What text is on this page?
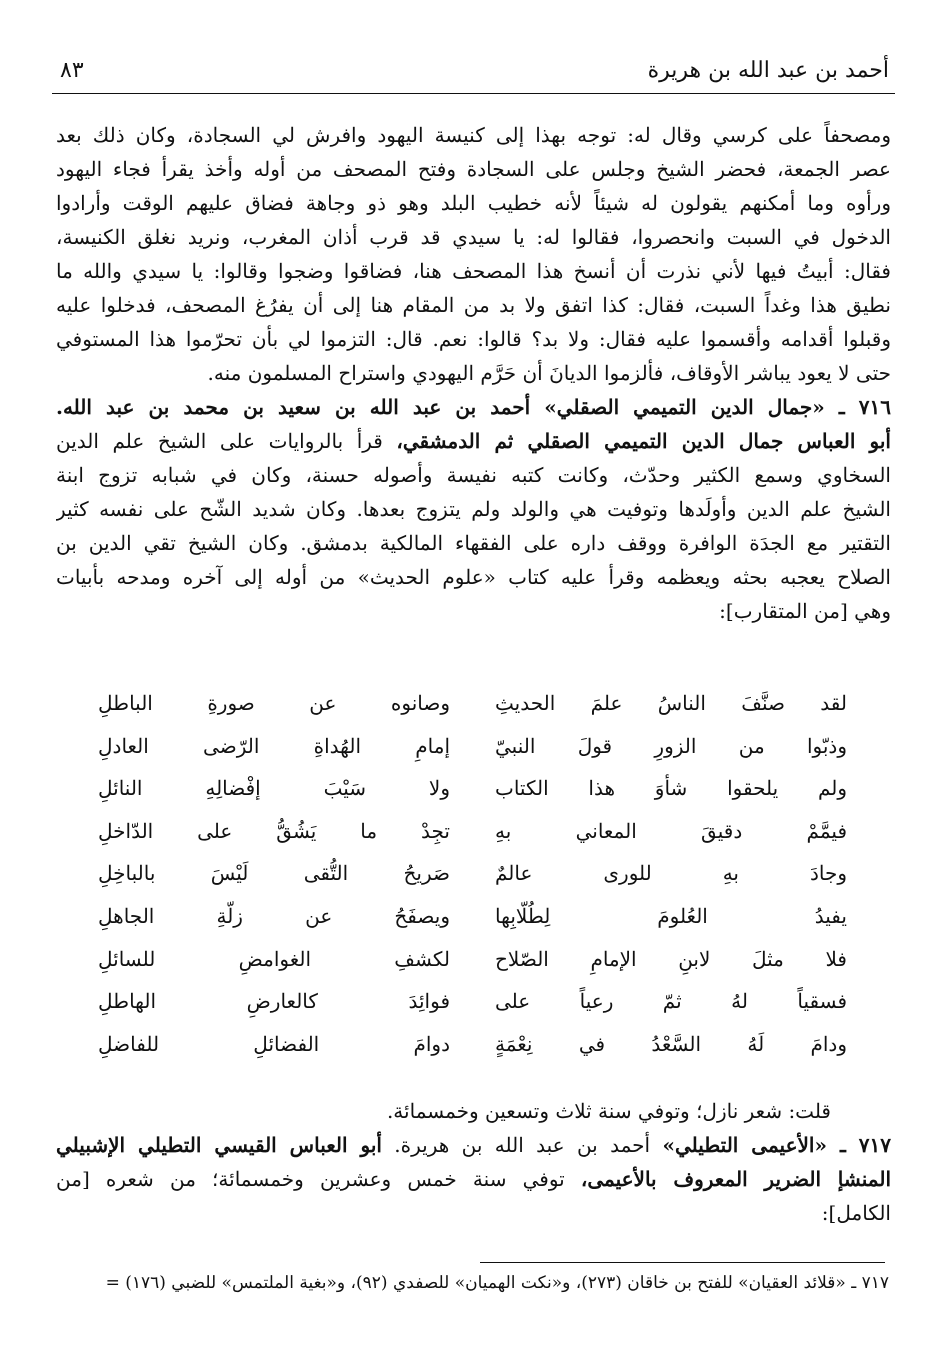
أحمد بن عبد الله بن هريرة
٨٣
ومصحفاً على كرسي وقال له: توجه بهذا إلى كنيسة اليهود وافرش لي السجادة، وكان ذلك بعد
عصر الجمعة، فحضر الشيخ وجلس على السجادة وفتح المصحف من أوله وأخذ يقرأ فجاء اليهود
ورأوه وما أمكنهم يقولون له شيئاً لأنه خطيب البلد وهو ذو وجاهة فضاق عليهم الوقت وأرادوا
الدخول في السبت وانحصروا، فقالوا له: يا سيدي قد قرب أذان المغرب، ونريد نغلق الكنيسة،
فقال: أبيتُ فيها لأني نذرت أن أنسخ هذا المصحف هنا، فضاقوا وضجوا وقالوا: يا سيدي والله ما
نطيق هذا وغداً السبت، فقال: كذا اتفق ولا بد من المقام هنا إلى أن يفرُغ المصحف، فدخلوا عليه
وقبلوا أقدامه وأقسموا عليه فقال: ولا بد؟ قالوا: نعم. قال: التزموا لي بأن تحرّموا هذا المستوفي
حتى لا يعود يباشر الأوقاف، فألزموا الديانَ أن حَرَّم اليهودي واستراح المسلمون منه.
٧١٦ ـ «جمال الدين التميمي الصقلي» أحمد بن عبد الله بن سعيد بن محمد بن عبد الله.
أبو العباس جمال الدين التميمي الصقلي ثم الدمشقي، قرأ بالروايات على الشيخ علم الدين
السخاوي وسمع الكثير وحدّث، وكانت كتبه نفيسة وأصوله حسنة، وكان في شبابه تزوج ابنة
الشيخ علم الدين وأولَدها وتوفيت هي والولد ولم يتزوج بعدها. وكان شديد الشّح على نفسه كثير
التقتير مع الجدَة الوافرة ووقف داره على الفقهاء المالكية بدمشق. وكان الشيخ تقي الدين بن
الصلاح يعجبه بحثه ويعظمه وقرأ عليه كتاب «علوم الحديث» من أوله إلى آخره ومدحه بأبيات
وهي [من المتقارب]:
لقد صنَّفَ الناسُ علمَ الحديثِ
وصانوه عن صورةِ الباطلِ
وذبّوا من الزورِ قولَ النبيّ
إمامِ الهُداةِ الرّضى العادلِ
ولم يلحقوا شأوَ هذا الكتاب
ولا سَيْبَ إفْضالِهِ النائلِ
فيمَّمْ دقيقَ المعاني بهِ
تجِدْ ما يَشُقُّ على الدّاخلِ
وجادَ بهِ للورى عالمٌ
صَريحُ التُّقى لَيْسَ بالباخِلِ
يفيدُ العُلومَ لِطُلّابِها
ويصفَحُ عن زلّةِ الجاهلِ
فلا مثلَ لابنِ الإمامِ الصّلاح
لكشفِ الغوامضِ للسائلِ
فسقياً لهُ ثمّ رعياً على
فوائِدَ كالعارضِ الهاطلِ
ودامَ لَهُ السَّعْدُ في نِعْمَةٍ
دوامَ الفضائلِ للفاضلِ
قلت: شعر نازل؛ وتوفي سنة ثلاث وتسعين وخمسمائة.
٧١٧ ـ «الأعيمى التطيلي» أحمد بن عبد الله بن هريرة. أبو العباس القيسي التطيلي الإشبيلي
المنشإ الضرير المعروف بالأعيمى، توفي سنة خمس وعشرين وخمسمائة؛ من شعره [من
الكامل]:
٧١٧ ـ «قلائد العقيان» للفتح بن خاقان (٢٧٣)، و«نكت الهميان» للصفدي (٩٢)، و«بغية الملتمس» للضبي (١٧٦) =
